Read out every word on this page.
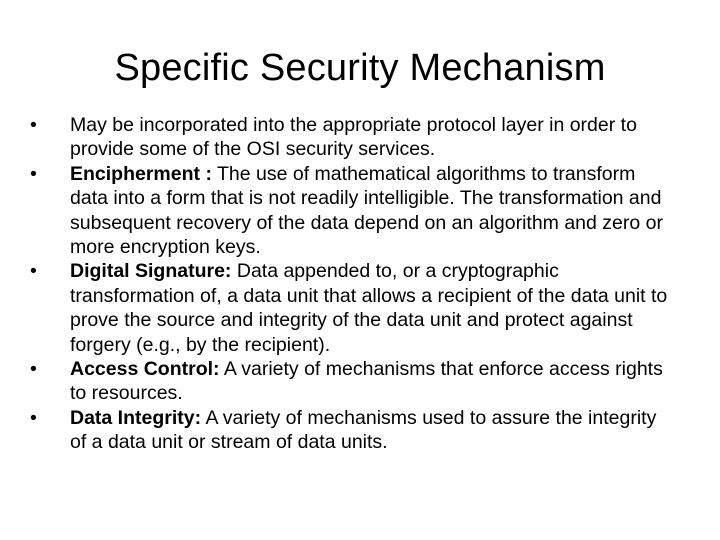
Specific Security Mechanism
•	May be incorporated into the appropriate protocol layer in order to provide some of the OSI security services.
•	Encipherment : The use of mathematical algorithms to transform data into a form that is not readily intelligible. The transformation and subsequent recovery of the data depend on an algorithm and zero or more encryption keys.
•	Digital Signature: Data appended to, or a cryptographic transformation of, a data unit that allows a recipient of the data unit to prove the source and integrity of the data unit and protect against forgery (e.g., by the recipient).
•	Access Control: A variety of mechanisms that enforce access rights to resources.
•	Data Integrity: A variety of mechanisms used to assure the integrity of a data unit or stream of data units.
